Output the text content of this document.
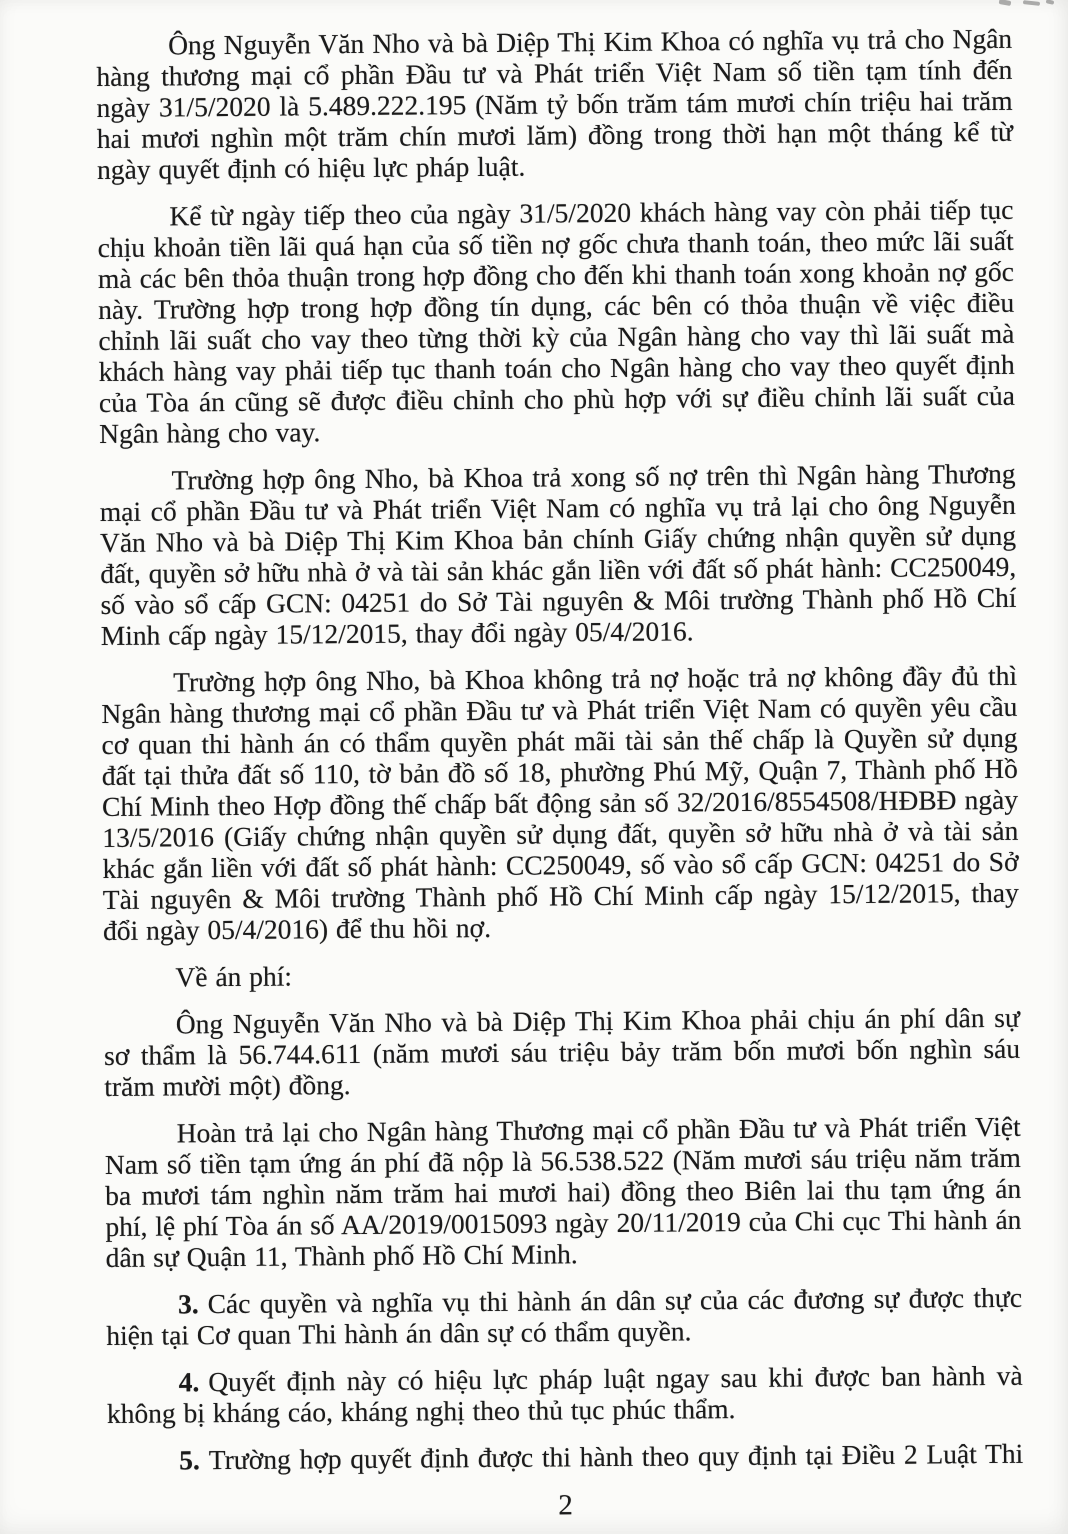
Ông Nguyễn Văn Nho và bà Diệp Thị Kim Khoa có nghĩa vụ trả cho Ngân hàng thương mại cổ phần Đầu tư và Phát triển Việt Nam số tiền tạm tính đến ngày 31/5/2020 là 5.489.222.195 (Năm tỷ bốn trăm tám mươi chín triệu hai trăm hai mươi nghìn một trăm chín mươi lăm) đồng trong thời hạn một tháng kể từ ngày quyết định có hiệu lực pháp luật.

Kể từ ngày tiếp theo của ngày 31/5/2020 khách hàng vay còn phải tiếp tục chịu khoản tiền lãi quá hạn của số tiền nợ gốc chưa thanh toán, theo mức lãi suất mà các bên thỏa thuận trong hợp đồng cho đến khi thanh toán xong khoản nợ gốc này. Trường hợp trong hợp đồng tín dụng, các bên có thỏa thuận về việc điều chỉnh lãi suất cho vay theo từng thời kỳ của Ngân hàng cho vay thì lãi suất mà khách hàng vay phải tiếp tục thanh toán cho Ngân hàng cho vay theo quyết định của Tòa án cũng sẽ được điều chỉnh cho phù hợp với sự điều chỉnh lãi suất của Ngân hàng cho vay.

Trường hợp ông Nho, bà Khoa trả xong số nợ trên thì Ngân hàng Thương mại cổ phần Đầu tư và Phát triển Việt Nam có nghĩa vụ trả lại cho ông Nguyễn Văn Nho và bà Diệp Thị Kim Khoa bản chính Giấy chứng nhận quyền sử dụng đất, quyền sở hữu nhà ở và tài sản khác gắn liền với đất số phát hành: CC250049, số vào sổ cấp GCN: 04251 do Sở Tài nguyên & Môi trường Thành phố Hồ Chí Minh cấp ngày 15/12/2015, thay đổi ngày 05/4/2016.

Trường hợp ông Nho, bà Khoa không trả nợ hoặc trả nợ không đầy đủ thì Ngân hàng thương mại cổ phần Đầu tư và Phát triển Việt Nam có quyền yêu cầu cơ quan thi hành án có thẩm quyền phát mãi tài sản thế chấp là Quyền sử dụng đất tại thửa đất số 110, tờ bản đồ số 18, phường Phú Mỹ, Quận 7, Thành phố Hồ Chí Minh theo Hợp đồng thế chấp bất động sản số 32/2016/8554508/HĐBĐ ngày 13/5/2016 (Giấy chứng nhận quyền sử dụng đất, quyền sở hữu nhà ở và tài sản khác gắn liền với đất số phát hành: CC250049, số vào sổ cấp GCN: 04251 do Sở Tài nguyên & Môi trường Thành phố Hồ Chí Minh cấp ngày 15/12/2015, thay đổi ngày 05/4/2016) để thu hồi nợ.

Về án phí:

Ông Nguyễn Văn Nho và bà Diệp Thị Kim Khoa phải chịu án phí dân sự sơ thẩm là 56.744.611 (năm mươi sáu triệu bảy trăm bốn mươi bốn nghìn sáu trăm mười một) đồng.

Hoàn trả lại cho Ngân hàng Thương mại cổ phần Đầu tư và Phát triển Việt Nam số tiền tạm ứng án phí đã nộp là 56.538.522 (Năm mươi sáu triệu năm trăm ba mươi tám nghìn năm trăm hai mươi hai) đồng theo Biên lai thu tạm ứng án phí, lệ phí Tòa án số AA/2019/0015093 ngày 20/11/2019 của Chi cục Thi hành án dân sự Quận 11, Thành phố Hồ Chí Minh.

3. Các quyền và nghĩa vụ thi hành án dân sự của các đương sự được thực hiện tại Cơ quan Thi hành án dân sự có thẩm quyền.

4. Quyết định này có hiệu lực pháp luật ngay sau khi được ban hành và không bị kháng cáo, kháng nghị theo thủ tục phúc thẩm.

5. Trường hợp quyết định được thi hành theo quy định tại Điều 2 Luật Thi

2
